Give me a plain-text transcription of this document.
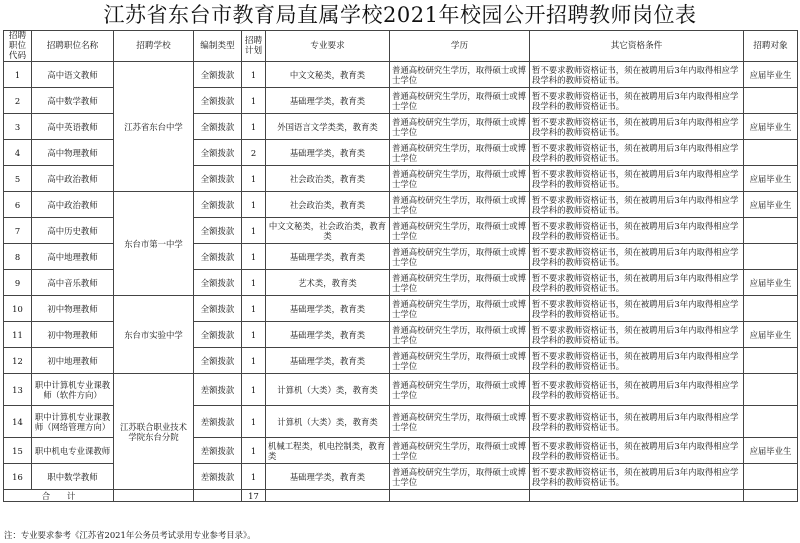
江苏省东台市教育局直属学校2021年校园公开招聘教师岗位表
招聘职位代码	招聘职位名称	招聘学校	编制类型	招聘计划	专业要求	学历	其它资格条件	招聘对象
1	高中语文教师	江苏省东台中学	全额拨款	1	中文文秘类，教育类	普通高校研究生学历，取得硕士或博士学位	暂不要求教师资格证书，须在被聘用后3年内取得相应学段学科的教师资格证书。	应届毕业生
2	高中数学教师		全额拨款	1	基础理学类，教育类	普通高校研究生学历，取得硕士或博士学位	暂不要求教师资格证书，须在被聘用后3年内取得相应学段学科的教师资格证书。	
3	高中英语教师		全额拨款	1	外国语言文学类类，教育类	普通高校研究生学历，取得硕士或博士学位	暂不要求教师资格证书，须在被聘用后3年内取得相应学段学科的教师资格证书。	应届毕业生
4	高中物理教师		全额拨款	2	基础理学类，教育类	普通高校研究生学历，取得硕士或博士学位	暂不要求教师资格证书，须在被聘用后3年内取得相应学段学科的教师资格证书。	
5	高中政治教师		全额拨款	1	社会政治类，教育类	普通高校研究生学历，取得硕士或博士学位	暂不要求教师资格证书，须在被聘用后3年内取得相应学段学科的教师资格证书。	应届毕业生
6	高中政治教师	东台市第一中学	全额拨款	1	社会政治类，教育类	普通高校研究生学历，取得硕士或博士学位	暂不要求教师资格证书，须在被聘用后3年内取得相应学段学科的教师资格证书。	应届毕业生
7	高中历史教师		全额拨款	1	中文文秘类，社会政治类，教育类	普通高校研究生学历，取得硕士或博士学位	暂不要求教师资格证书，须在被聘用后3年内取得相应学段学科的教师资格证书。	
8	高中地理教师		全额拨款	1	基础理学类，教育类	普通高校研究生学历，取得硕士或博士学位	暂不要求教师资格证书，须在被聘用后3年内取得相应学段学科的教师资格证书。	
9	高中音乐教师		全额拨款	1	艺术类，教育类	普通高校研究生学历，取得硕士或博士学位	暂不要求教师资格证书，须在被聘用后3年内取得相应学段学科的教师资格证书。	应届毕业生
10	初中物理教师	东台市实验中学	全额拨款	1	基础理学类，教育类	普通高校研究生学历，取得硕士或博士学位	暂不要求教师资格证书，须在被聘用后3年内取得相应学段学科的教师资格证书。	
11	初中物理教师		全额拨款	1	基础理学类，教育类	普通高校研究生学历，取得硕士或博士学位	暂不要求教师资格证书，须在被聘用后3年内取得相应学段学科的教师资格证书。	应届毕业生
12	初中地理教师		全额拨款	1	基础理学类，教育类	普通高校研究生学历，取得硕士或博士学位	暂不要求教师资格证书，须在被聘用后3年内取得相应学段学科的教师资格证书。	
13	职中计算机专业课教师（软件方向）	江苏联合职业技术学院东台分院	差额拨款	1	计算机（大类）类，教育类	普通高校研究生学历，取得硕士或博士学位	暂不要求教师资格证书，须在被聘用后3年内取得相应学段学科的教师资格证书。	
14	职中计算机专业课教师（网络管理方向）		差额拨款	1	计算机（大类）类，教育类	普通高校研究生学历，取得硕士或博士学位	暂不要求教师资格证书，须在被聘用后3年内取得相应学段学科的教师资格证书。	
15	职中机电专业课教师		差额拨款	1	机械工程类，机电控制类，教育类	普通高校研究生学历，取得硕士或博士学位	暂不要求教师资格证书，须在被聘用后3年内取得相应学段学科的教师资格证书。	应届毕业生
16	职中数学教师		差额拨款	1	基础理学类，教育类	普通高校研究生学历，取得硕士或博士学位	暂不要求教师资格证书，须在被聘用后3年内取得相应学段学科的教师资格证书。	
合　　计				17				
注：专业要求参考《江苏省2021年公务员考试录用专业参考目录》。
